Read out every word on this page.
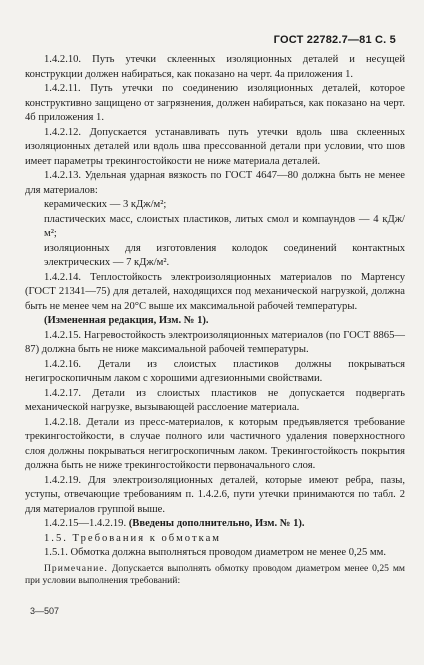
ГОСТ 22782.7—81 С. 5

1.4.2.10. Путь утечки склеенных изоляционных деталей и несущей конструкции должен набираться, как показано на черт. 4а приложения 1.

1.4.2.11. Путь утечки по соединению изоляционных деталей, которое конструктивно защищено от загрязнения, должен набираться, как показано на черт. 4б приложения 1.

1.4.2.12. Допускается устанавливать путь утечки вдоль шва склеенных изоляционных деталей или вдоль шва прессованной детали при условии, что шов имеет параметры трекингостойкости не ниже материала деталей.

1.4.2.13. Удельная ударная вязкость по ГОСТ 4647—80 должна быть не менее для материалов:

керамических — 3 кДж/м²;

пластических масс, слоистых пластиков, литых смол и компаундов — 4 кДж/м²;

изоляционных для изготовления колодок соединений контактных электрических — 7 кДж/м².

1.4.2.14. Теплостойкость электроизоляционных материалов по Мартенсу (ГОСТ 21341—75) для деталей, находящихся под механической нагрузкой, должна быть не менее чем на 20°С выше их максимальной рабочей температуры.

(Измененная редакция, Изм. № 1).

1.4.2.15. Нагревостойкость электроизоляционных материалов (по ГОСТ 8865—87) должна быть не ниже максимальной рабочей температуры.

1.4.2.16. Детали из слоистых пластиков должны покрываться негигроскопичным лаком с хорошими адгезионными свойствами.

1.4.2.17. Детали из слоистых пластиков не допускается подвергать механической нагрузке, вызывающей расслоение материала.

1.4.2.18. Детали из пресс-материалов, к которым предъявляется требование трекингостойкости, в случае полного или частичного удаления поверхностного слоя должны покрываться негигроскопичным лаком. Трекингостойкость покрытия должна быть не ниже трекингостойкости первоначального слоя.

1.4.2.19. Для электроизоляционных деталей, которые имеют ребра, пазы, уступы, отвечающие требованиям п. 1.4.2.6, пути утечки принимаются по табл. 2 для материалов группой выше.

1.4.2.15—1.4.2.19. (Введены дополнительно, Изм. № 1).

1.5. Требования к обмоткам

1.5.1. Обмотка должна выполняться проводом диаметром не менее 0,25 мм.

Примечание. Допускается выполнять обмотку проводом диаметром менее 0,25 мм при условии выполнения требований:

3—507
